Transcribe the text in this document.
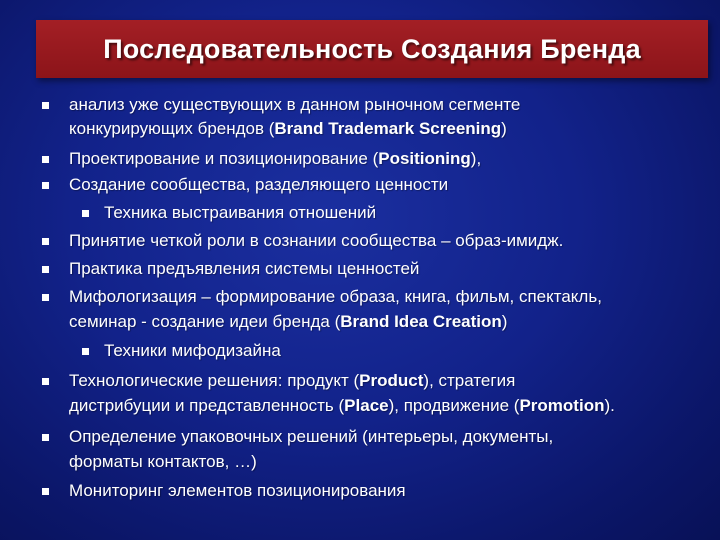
Последовательность Создания Бренда
анализ уже существующих в данном рыночном сегменте
конкурирующих брендов (Brand Trademark Screening)
Проектирование и позиционирование (Positioning),
Создание сообщества, разделяющего ценности
Техника выстраивания отношений
Принятие четкой роли в сознании сообщества – образ-имидж.
Практика предъявления системы ценностей
Мифологизация – формирование образа, книга, фильм, спектакль,
семинар - создание идеи бренда (Brand Idea Creation)
Техники мифодизайна
Технологические решения: продукт (Product), стратегия
дистрибуции и представленность (Place), продвижение (Promotion).
Определение упаковочных решений (интерьеры, документы,
форматы контактов, …)
Мониторинг элементов позиционирования
